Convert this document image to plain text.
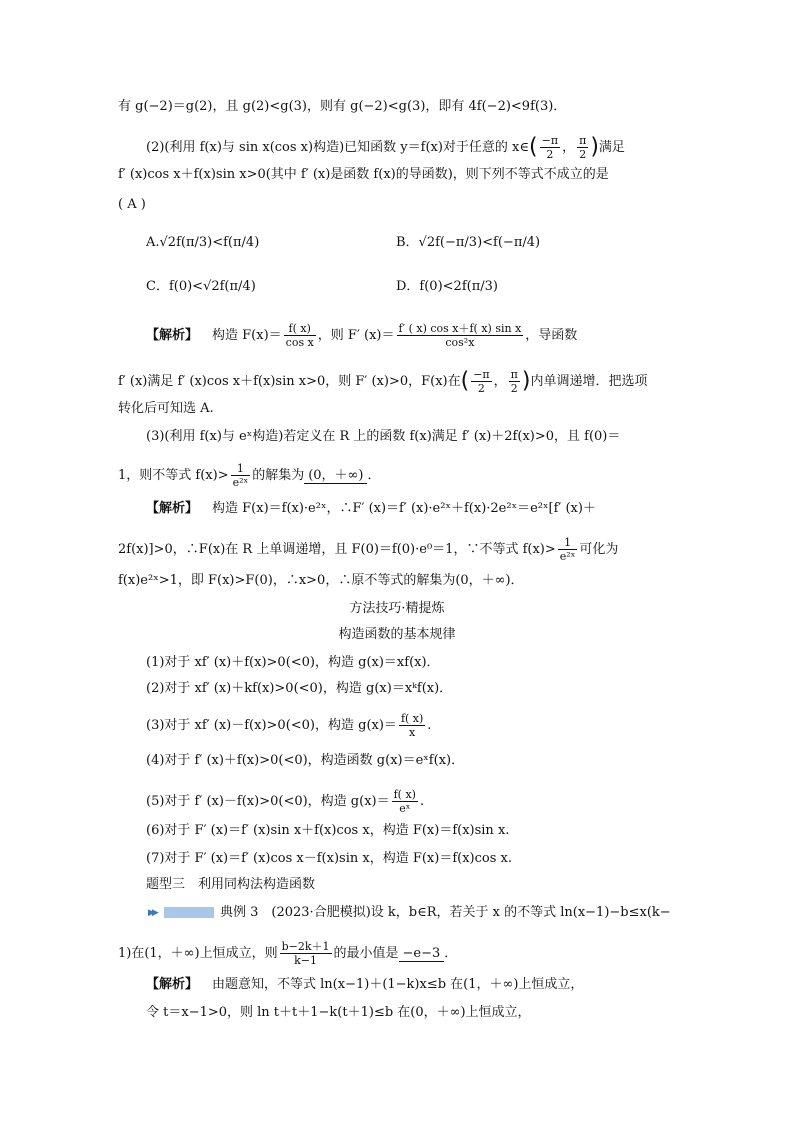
有 g(−2)＝g(2)，且 g(2)<g(3)，则有 g(−2)<g(3)，即有 4f(−2)<9f(3)．
(2)(利用 f(x)与 sin x(cos x)构造)已知函数 y＝f(x)对于任意的 x∈( $\frac{-\pi}{2}$ ， $\frac{\pi}{2}$ )满足
f′ (x)cos x＋f(x)sin x>0(其中 f′ (x)是函数 f(x)的导函数)，则下列不等式不成立的是
( A )
A.√2f(π/3)<f(π/4)	B．√2f(−π/3)<f(−π/4)
C．f(0)<√2f(π/4)	D．f(0)<2f(π/3)
【解析】 构造 $F(x)= \frac{f( x)}{\text{cos x}}$ ，则 F′ $(x)= \frac{\text{f′ ( x) cos x＋f( x) sin x}}{\text{cos²x}}$ ，导函数
f′ (x)满足 f′ (x)cos x＋f(x)sin x>0，则 F′ (x)>0，F(x)在( $\frac{-\pi}{2}$ ， $\frac{\pi}{2}$ )内单调递增．把选项
转化后可知选 A.
(3)(利用 f(x)与 eˣ构造)若定义在 R 上的函数 f(x)满足 f′ (x)＋2f(x)>0，且 f(0)＝
1，则不等式 $f(x)> \frac{1}{\text{e²ˣ}}$ 的解集为 (0，＋∞) ．
【解析】 构造 F(x)＝f(x)·e²ˣ，∴F′ (x)＝f′ (x)·e²ˣ＋f(x)·2e²ˣ＝e²ˣ[f′ (x)＋
2f(x)]>0，∴F(x)在 R 上单调递增，且 F(0)＝f(0)·e⁰＝1，∵不等式 $f(x)> \frac{1}{\text{e²ˣ}}$ 可化为
f(x)e²ˣ>1，即 F(x)>F(0)，∴x>0，∴原不等式的解集为(0，＋∞)．
方法技巧·精提炼
构造函数的基本规律
(1)对于 xf′ (x)＋f(x)>0(<0)，构造 g(x)＝xf(x)．
(2)对于 xf′ (x)＋kf(x)>0(<0)，构造 g(x)＝xᵏf(x)．
(3)对于 xf′ (x)－f(x)>0(<0)，构造 $g(x)= \frac{f( x)}{x}$ .
(4)对于 f′ (x)＋f(x)>0(<0)，构造函数 g(x)＝eˣf(x)．
(5)对于 f′ (x)－f(x)>0(<0)，构造 $g(x)= \frac{f( x)}{\text{eˣ}}$ .
(6)对于 F′ (x)＝f′ (x)sin x＋f(x)cos x，构造 F(x)＝f(x)sin x.
(7)对于 F′ (x)＝f′ (x)cos x－f(x)sin x，构造 F(x)＝f(x)cos x.
题型三　利用同构法构造函数
▶▶典例 3　(2023·合肥模拟)设 k，b∈R，若关于 x 的不等式 ln(x−1)−b≤x(k−
1)在(1，＋∞)上恒成立，则 $\frac{b-2k+1}{k-1}$ 的最小值是 −e−3 ．
【解析】 由题意知，不等式 ln(x−1)＋(1−k)x≤b 在(1，＋∞)上恒成立，
令 t＝x−1>0，则 ln t＋t＋1−k(t＋1)≤b 在(0，＋∞)上恒成立，
